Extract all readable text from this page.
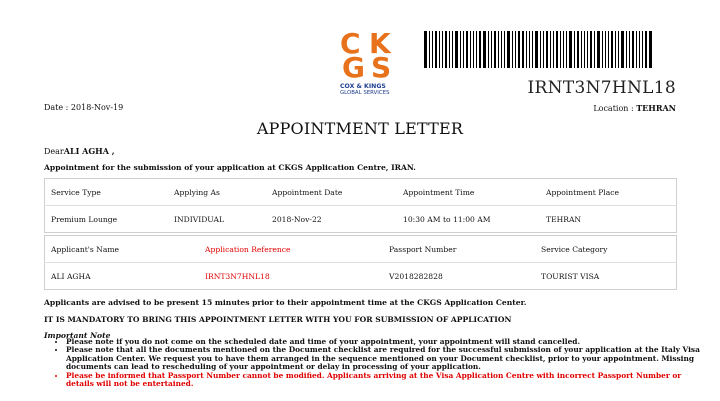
C K
G S
COX & KINGS
GLOBAL SERVICES	IRNT3N7HNL18
Date : 2018-Nov-19	Location : TEHRAN
APPOINTMENT LETTER
DearALI AGHA ,
Appointment for the submission of your application at CKGS Application Centre, IRAN.
Service Type	Applying As	Appointment Date	Appointment Time	Appointment Place
Premium Lounge	INDIVIDUAL	2018-Nov-22	10:30 AM to 11:00 AM	TEHRAN
Applicant's Name	Application Reference	Passport Number	Service Category
ALI AGHA	IRNT3N7HNL18	V2018282828	TOURIST VISA
Applicants are advised to be present 15 minutes prior to their appointment time at the CKGS Application Center.
IT IS MANDATORY TO BRING THIS APPOINTMENT LETTER WITH YOU FOR SUBMISSION OF APPLICATION
Important Note
• Please note if you do not come on the scheduled date and time of your appointment, your appointment will stand cancelled.
• Please note that all the documents mentioned on the Document checklist are required for the successful submission of your application at the Italy Visa Application Center. We request you to have them arranged in the sequence mentioned on your Document checklist, prior to your appointment. Missing documents can lead to rescheduling of your appointment or delay in processing of your application.
• Please be informed that Passport Number cannot be modified. Applicants arriving at the Visa Application Centre with incorrect Passport Number or details will not be entertained.
